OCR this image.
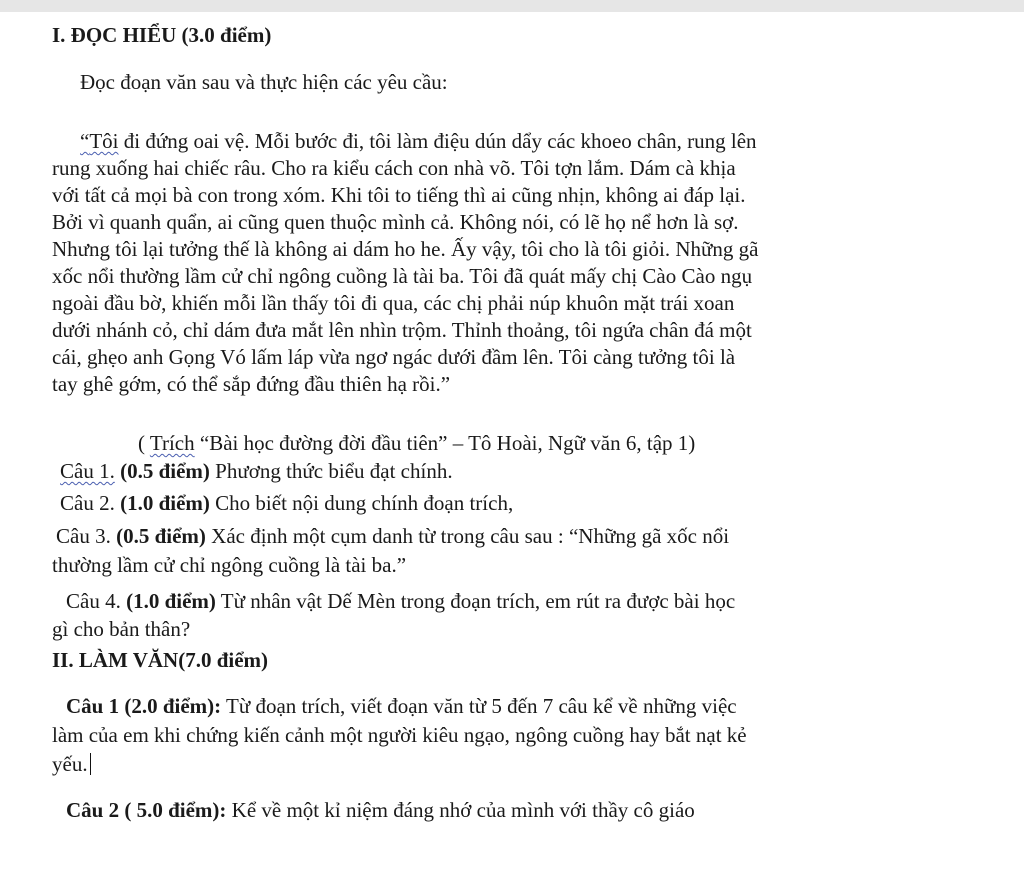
I. ĐỌC HIỂU (3.0 điểm)
Đọc đoạn văn sau và thực hiện các yêu cầu:
“Tôi đi đứng oai vệ. Mỗi bước đi, tôi làm điệu dún dẩy các khoeo chân, rung lên
rung xuống hai chiếc râu. Cho ra kiểu cách con nhà võ. Tôi tợn lắm. Dám cà khịa
với tất cả mọi bà con trong xóm. Khi tôi to tiếng thì ai cũng nhịn, không ai đáp lại.
Bởi vì quanh quẩn, ai cũng quen thuộc mình cả. Không nói, có lẽ họ nể hơn là sợ.
Nhưng tôi lại tưởng thế là không ai dám ho he. Ấy vậy, tôi cho là tôi giỏi. Những gã
xốc nổi thường lầm cử chỉ ngông cuồng là tài ba. Tôi đã quát mấy chị Cào Cào ngụ
ngoài đầu bờ, khiến mỗi lần thấy tôi đi qua, các chị phải núp khuôn mặt trái xoan
dưới nhánh cỏ, chỉ dám đưa mắt lên nhìn trộm. Thỉnh thoảng, tôi ngứa chân đá một
cái, ghẹo anh Gọng Vó lấm láp vừa ngơ ngác dưới đầm lên. Tôi càng tưởng tôi là
tay ghê gớm, có thể sắp đứng đầu thiên hạ rồi.”
( Trích “Bài học đường đời đầu tiên” – Tô Hoài, Ngữ văn 6, tập 1)
Câu 1. (0.5 điểm) Phương thức biểu đạt chính.
Câu 2. (1.0 điểm) Cho biết nội dung chính đoạn trích,
Câu 3. (0.5 điểm) Xác định một cụm danh từ trong câu sau : “Những gã xốc nổi
thường lầm cử chỉ ngông cuồng là tài ba.”
Câu 4. (1.0 điểm) Từ nhân vật Dế Mèn trong đoạn trích, em rút ra được bài học
gì cho bản thân?
II. LÀM VĂN(7.0 điểm)
Câu 1 (2.0 điểm): Từ đoạn trích, viết đoạn văn từ 5 đến 7 câu kể về những việc
làm của em khi chứng kiến cảnh một người kiêu ngạo, ngông cuồng hay bắt nạt kẻ
yếu.
Câu 2 ( 5.0 điểm): Kể về một kỉ niệm đáng nhớ của mình với thầy cô giáo
